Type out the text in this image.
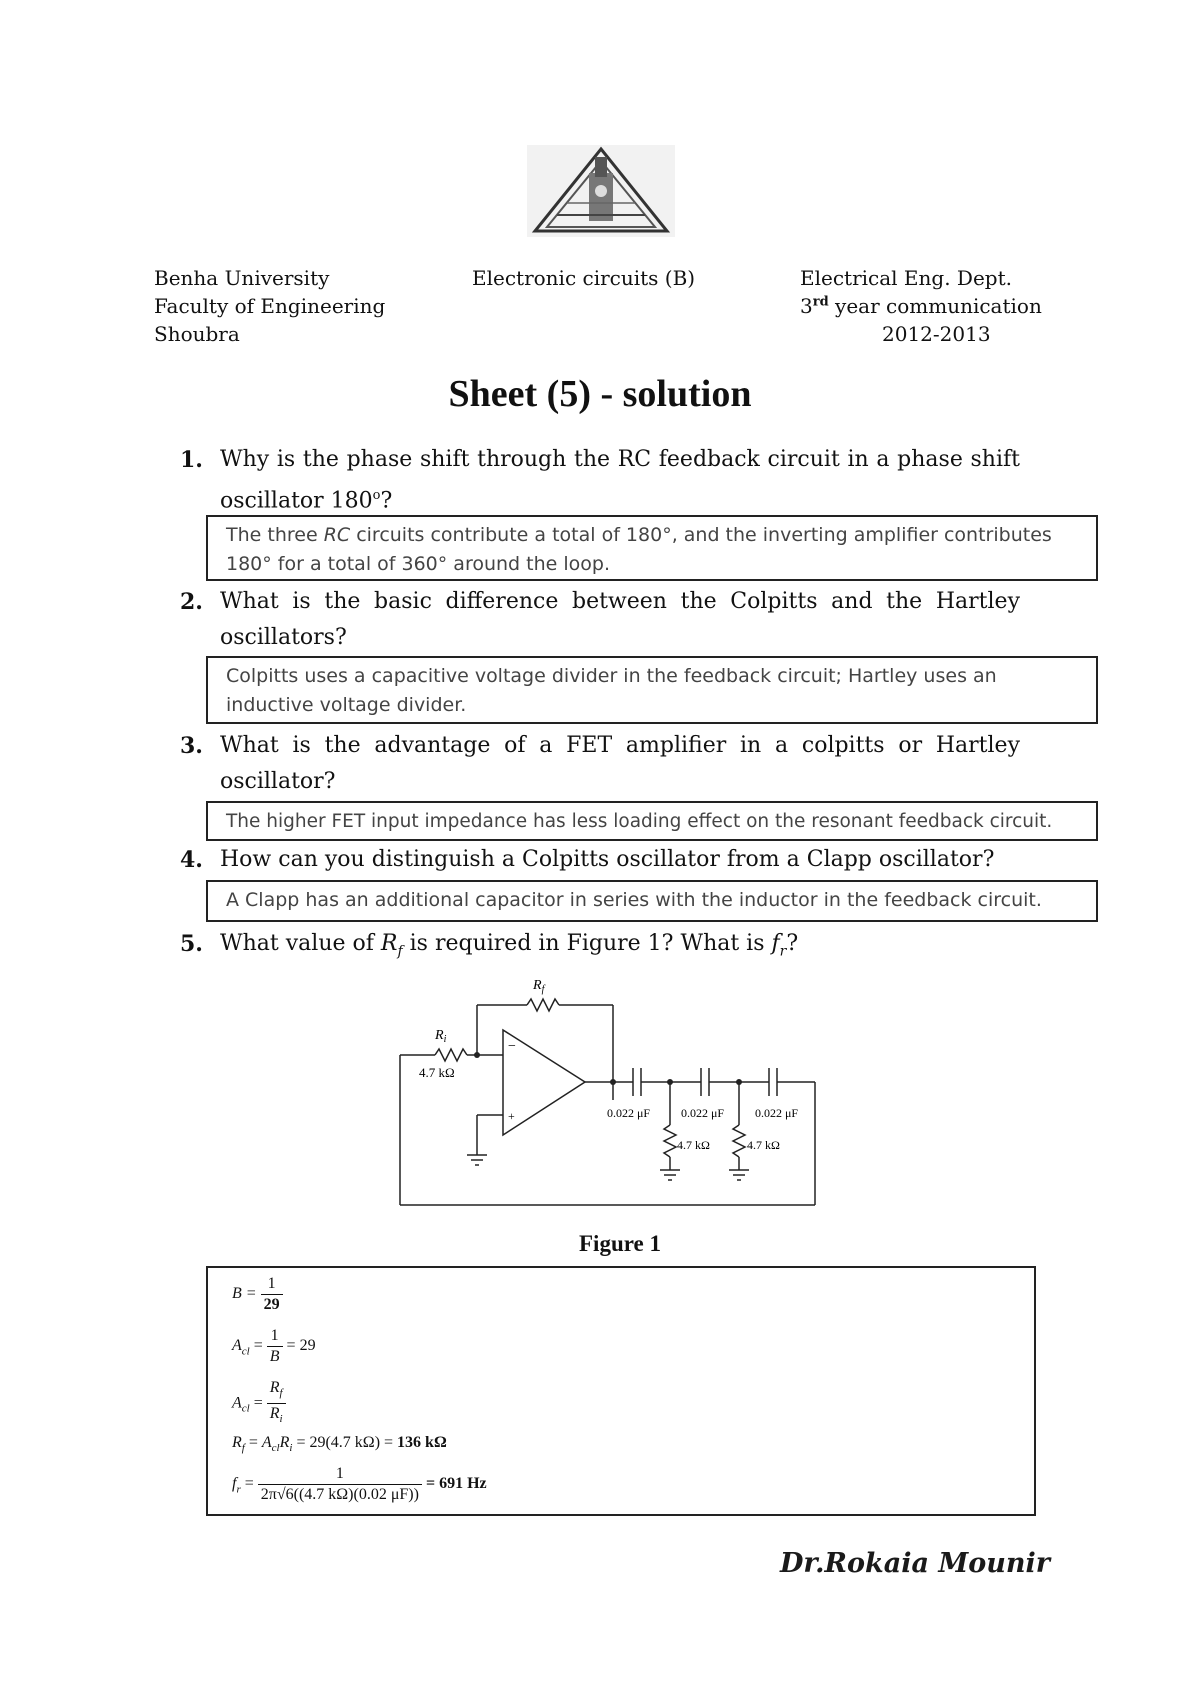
Benha University
Faculty of Engineering
Shoubra
Electronic circuits (B)	Electrical Eng. Dept.
3rd year communication
2012-2013
Sheet (5) - solution
1. Why is the phase shift through the RC feedback circuit in a phase shift oscillator 180$^o$?
The three RC circuits contribute a total of 180°, and the inverting amplifier contributes 180° for a total of 360° around the loop.
2. What is the basic difference between the Colpitts and the Hartley oscillators?
Colpitts uses a capacitive voltage divider in the feedback circuit; Hartley uses an inductive voltage divider.
3. What is the advantage of a FET amplifier in a colpitts or Hartley oscillator?
The higher FET input impedance has less loading effect on the resonant feedback circuit.
4. How can you distinguish a Colpitts oscillator from a Clapp oscillator?
A Clapp has an additional capacitor in series with the inductor in the feedback circuit.
5. What value of $R_f$ is required in Figure 1? What is $f_r$?
$R_f$
$R_i$
4.7 kΩ
−
+	0.022 μF	0.022 μF	0.022 μF
4.7 kΩ	4.7 kΩ
Figure 1
$B = \frac{1}{29}$
$A_{cl} = \frac{1}{B} = 29$
$A_{cl} = \frac{R_f}{R_i}$
$R_f = A_{cl}R_i = 29(4.7$ kΩ) = 136 kΩ
$f_r = \frac{1}{2\pi√6((4.7 k\Omega)(0.02 \mu F))} = 691$ Hz
Dr.Rokaia Mounir
